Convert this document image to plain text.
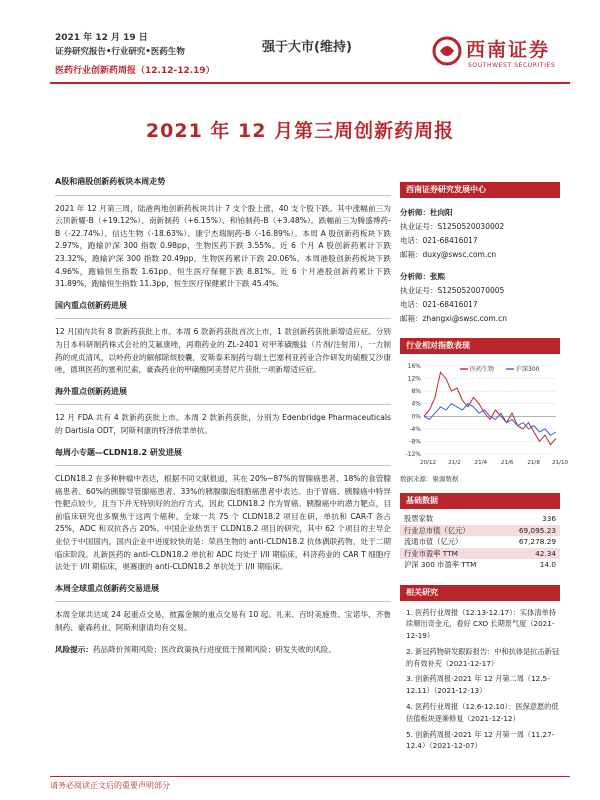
2021 年 12 月 19 日
证券研究报告•行业研究•医药生物
医药行业创新药周报（12.12-12.19）
强于大市(维持)	西南证券
SOUTHWEST SECURITIES
2021 年 12 月第三周创新药周报
A股和港股创新药板块本周走势

2021 年 12 月第三周，陆港两地创新药板块共计 7 支个股上涨，40 支个股下跌。其中涨幅前三为云顶新耀-B（+19.12%）、南新制药（+6.15%）、和铂制药-B（+3.48%）。跌幅前三为腾盛博药-B（-22.74%）、信达生物（-18.63%）、康宁杰瑞制药-B（-16.89%）。本周 A 股创新药板块下跌 2.97%，跑输沪深 300 指数 0.98pp，生物医药下跌 3.55%。近 6 个月 A 股创新药累计下跌 23.32%，跑输沪深 300 指数 20.49pp，生物医药累计下跌 20.06%。本周港股创新药板块下跌 4.96%，跑输恒生指数 1.61pp，恒生医疗保健下跌 8.81%。近 6 个月港股创新药累计下跌 31.89%，跑输恒生指数 11.3pp，恒生医疗保健累计下跌 45.4%。

国内重点创新药进展

12 月国内共有 8 款新药获批上市。本周 6 款新药获批首次上市，1 款创新药获批新增适应症。分别为日本科研制药株式会社的艾氟康唑，再鼎药业的 ZL-2401 对甲苯磺酸盐（片剂/注射用），一力制药的虎贞清风，以岭药业的解郁除烦胶囊，安斯泰来制药与瑞士巴塞利亚药业合作研发的硫酸艾沙康唑，德琪医药的塞利尼索，豪森药业的甲磺酸阿美替尼片获批一项新增适应症。

海外重点创新药进展

12 月 FDA 共有 4 款新药获批上市。本周 2 款新药获批，分别为 Edenbridge Pharmaceuticals 的 Dartisla ODT，阿斯利康的特泽侬聿单抗。

每周小专题—CLDN18.2 研发进展

CLDN18.2 在多种肿瘤中表达，根据不同文献报道，其在 20%~87%的胃腺癌患者、18%的食管腺癌患者、60%的胰腺导管腺癌患者、33%的胰腺腺泡细胞癌患者中表达。由于胃癌、胰腺癌中特异性靶点较少，且当下并无特别好的治疗方式，因此 CLDN18.2 作为胃癌、胰腺癌中的潜力靶点，目前临床研究也多聚焦于这两个癌种。全球一共 75 个 CLDN18.2 项目在研，单抗和 CAR-T 各占 25%，ADC 和双抗各占 20%。中国企业热衷于 CLDN18.2 项目的研究，其中 62 个项目的主导企业位于中国国内。国内企业中进度较快的是：荣昌生物的 anti-CLDN18.2 抗体偶联药物，处于二期临床阶段。礼新医药的 anti-CLDN18.2 单抗和 ADC 均处于 I/II 期临床，科济药业的 CAR T 细胞疗法处于 I/II 期临床，奥赛康的 anti-CLDN18.2 单抗处于 I/II 期临床。

本周全球重点创新药交易进展

本周全球共达成 24 起重点交易，披露金额的重点交易有 10 起。礼来、百时美施贵、宝诺华、齐鲁制药、豪森药业、阿斯利康请均有交易。

风险提示：药品降价预期风险；医改政策执行进度低于预期风险；研发失败的风险。

西南证券研究发展中心
分析师：杜向阳
执业证号：S1250520030002
电话：021-68416017
邮箱：duxy@swsc.com.cn
分析师：张熙
执业证号：S1250520070005
电话：021-68416017
邮箱：zhangxi@swsc.com.cn
行业相对指数表现
16%
12%
8%
4%
0%
-4%
-8%
-12%
20/12 21/2 21/4 21/6 21/8 21/10
医药生物	沪深300
数据来源：聚源数据
基础数据
股票家数	336
行业总市值（亿元）	69,095.23
流通市值（亿元）	67,278.29
行业市盈率 TTM	42.34
沪深 300 市盈率 TTM	14.0
相关研究
1. 医药行业周报（12.13-12.17）：实体清单持续顺出奇金元，看好 CXO 长期景气度（2021-12-19）
2. 新冠药物研发跟踪报告：中和抗体是抗击新冠的有效补充（2021-12-17）
3. 创新药周报-2021 年 12 月第二周（12.5-12.11）（2021-12-13）
4. 医药行业周报（12.6-12.10）：医保意愿的低估值板块逐渐修复（2021-12-12）
5. 创新药周报-2021 年 12 月第一周（11.27-12.4）（2021-12-07）
请务必阅读正文后的重要声明部分
